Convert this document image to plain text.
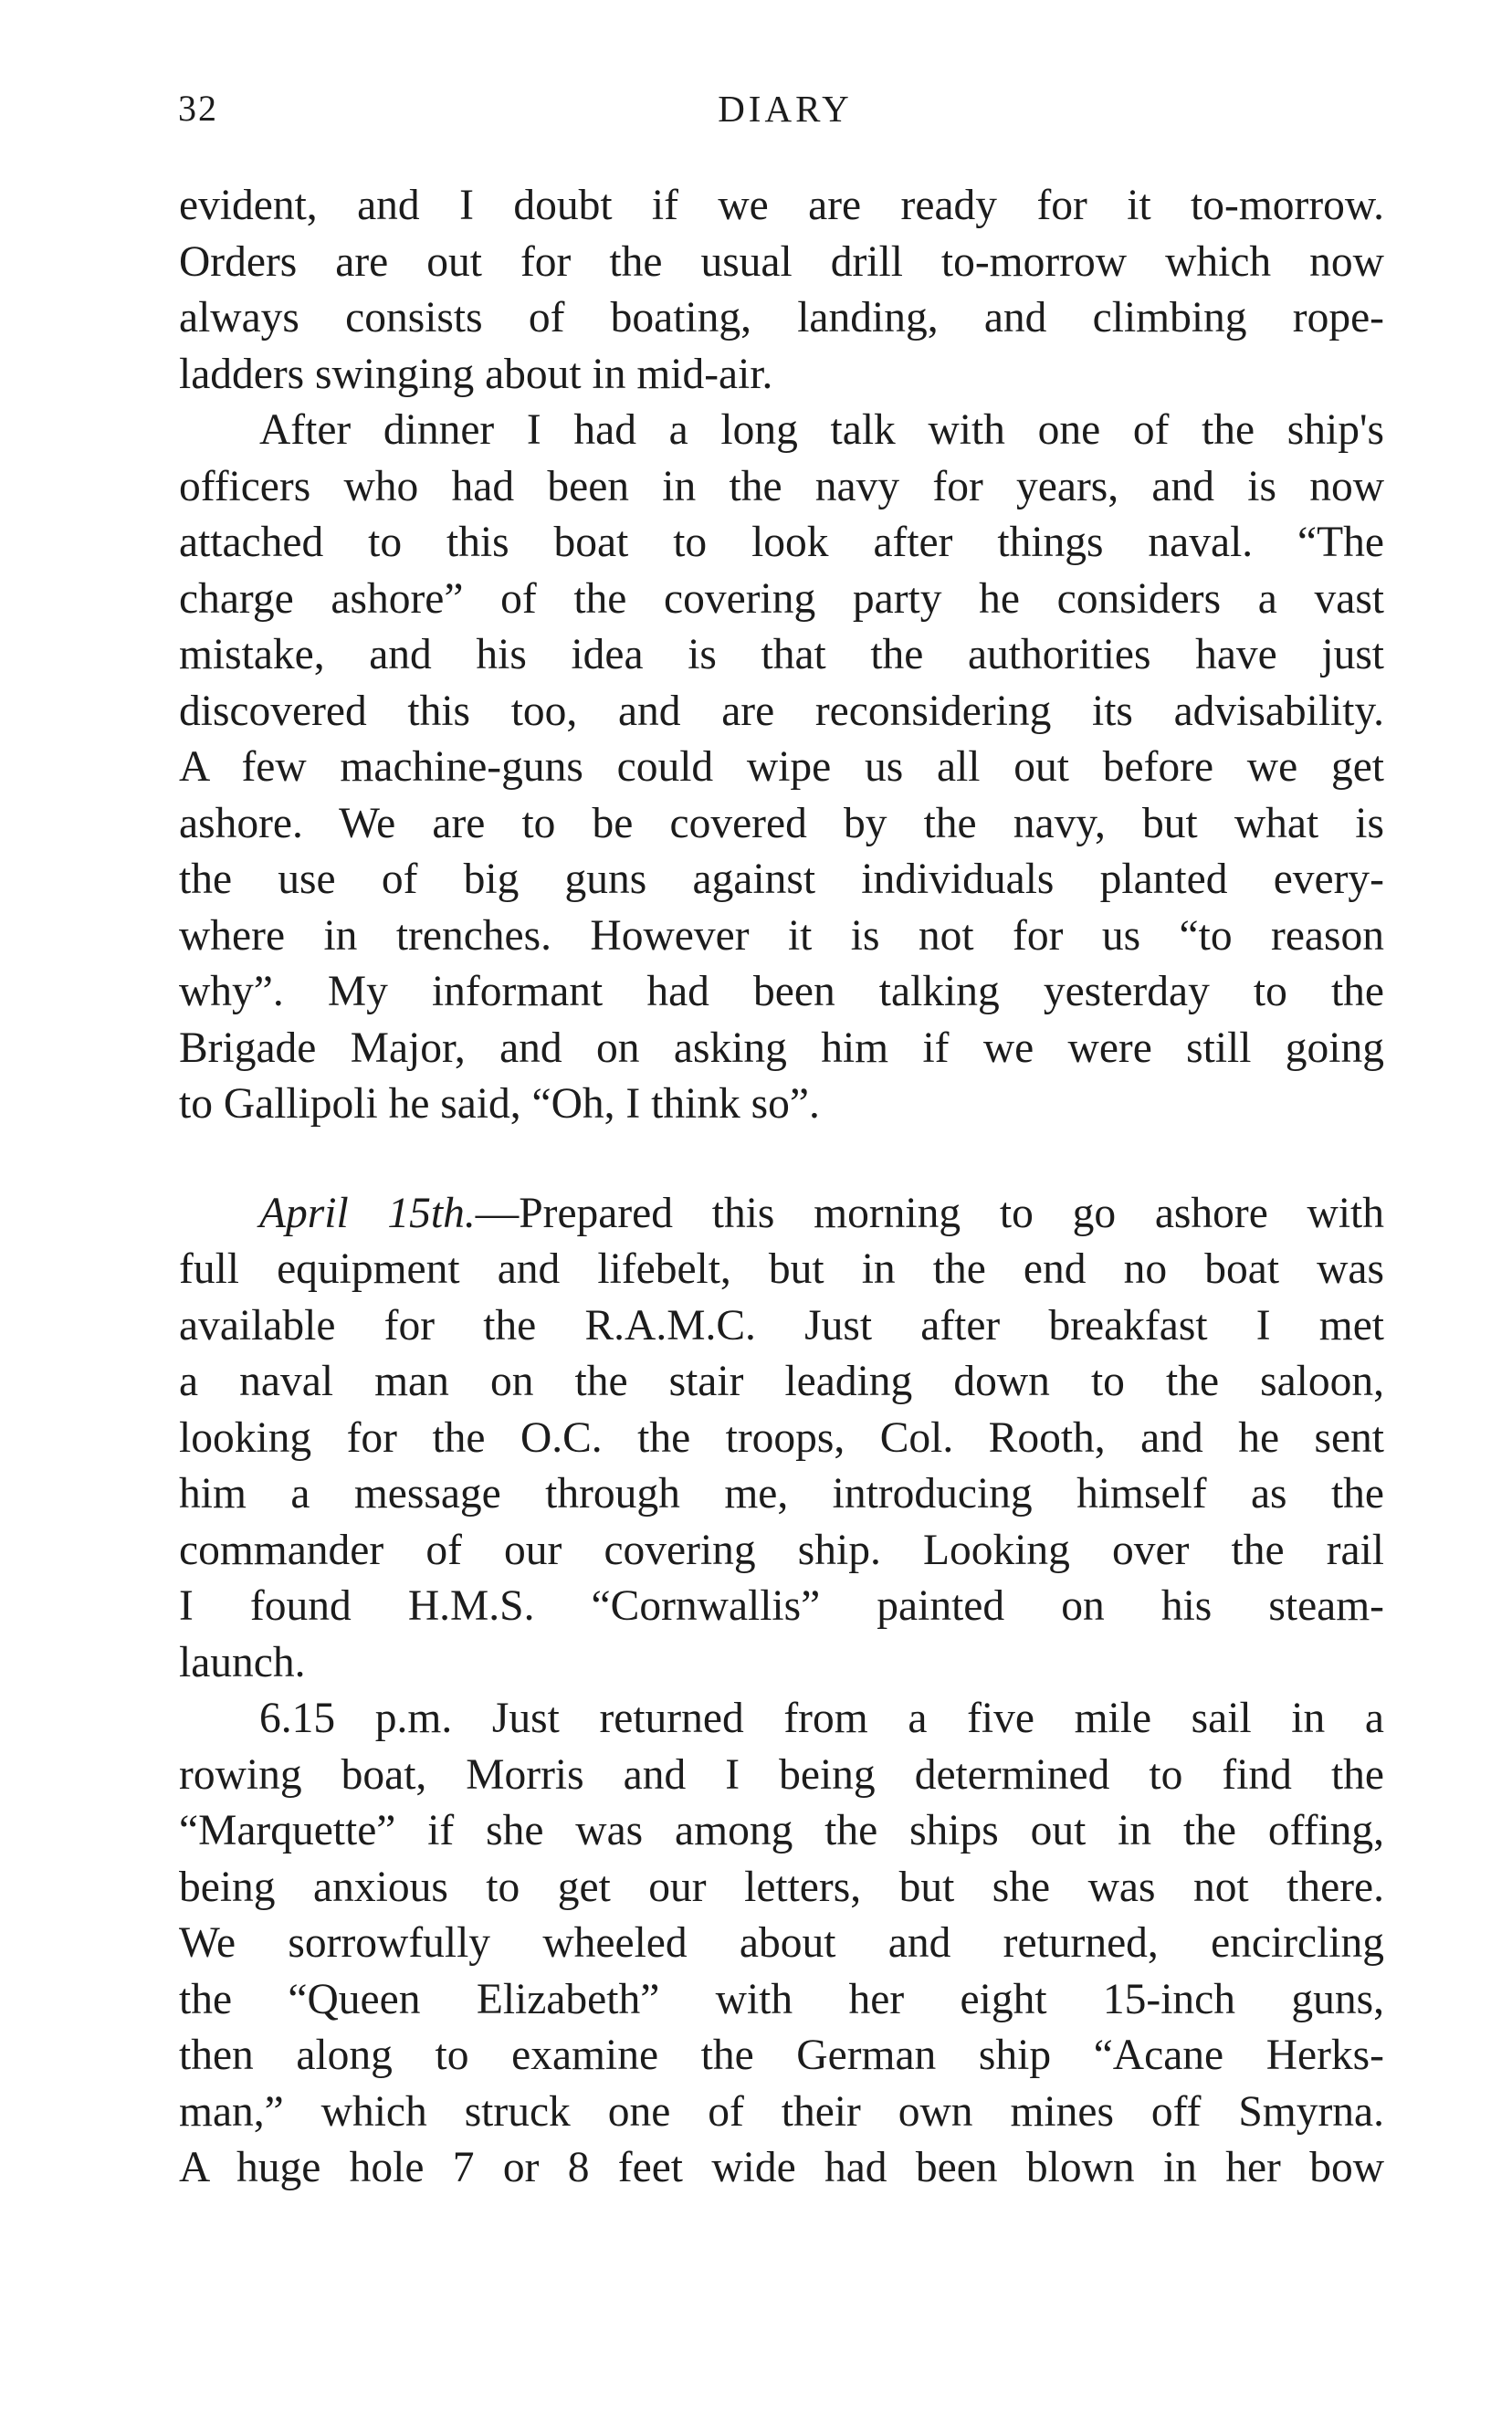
32	DIARY
evident, and I doubt if we are ready for it to-morrow.
Orders are out for the usual drill to-morrow which now
always consists of boating, landing, and climbing rope-
ladders swinging about in mid-air.
After dinner I had a long talk with one of the ship's
officers who had been in the navy for years, and is now
attached to this boat to look after things naval. “The
charge ashore” of the covering party he considers a vast
mistake, and his idea is that the authorities have just
discovered this too, and are reconsidering its advisability.
A few machine-guns could wipe us all out before we get
ashore. We are to be covered by the navy, but what is
the use of big guns against individuals planted every-
where in trenches. However it is not for us “to reason
why”. My informant had been talking yesterday to the
Brigade Major, and on asking him if we were still going
to Gallipoli he said, “Oh, I think so”.
April 15th.—Prepared this morning to go ashore with
full equipment and lifebelt, but in the end no boat was
available for the R.A.M.C. Just after breakfast I met
a naval man on the stair leading down to the saloon,
looking for the O.C. the troops, Col. Rooth, and he sent
him a message through me, introducing himself as the
commander of our covering ship. Looking over the rail
I found H.M.S. “Cornwallis” painted on his steam-
launch.
6.15 p.m. Just returned from a five mile sail in a
rowing boat, Morris and I being determined to find the
“Marquette” if she was among the ships out in the offing,
being anxious to get our letters, but she was not there.
We sorrowfully wheeled about and returned, encircling
the “Queen Elizabeth” with her eight 15-inch guns,
then along to examine the German ship “Acane Herks-
man,” which struck one of their own mines off Smyrna.
A huge hole 7 or 8 feet wide had been blown in her bow
